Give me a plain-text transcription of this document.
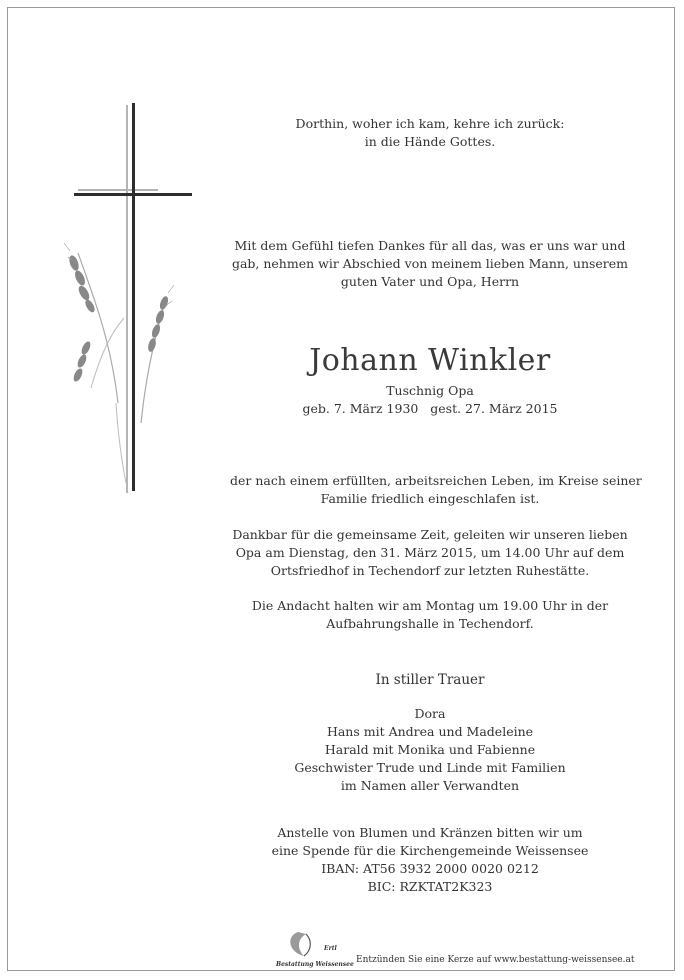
Dorthin, woher ich kam, kehre ich zurück:
in die Hände Gottes.
Mit dem Gefühl tiefen Dankes für all das, was er uns war und
gab, nehmen wir Abschied von meinem lieben Mann, unserem
guten Vater und Opa, Herrn
Johann Winkler
Tuschnig Opa
geb. 7. März 1930   gest. 27. März 2015
der nach einem erfüllten, arbeitsreichen Leben, im Kreise seiner
Familie friedlich eingeschlafen ist.
Dankbar für die gemeinsame Zeit, geleiten wir unseren lieben
Opa am Dienstag, den 31. März 2015, um 14.00 Uhr auf dem
Ortsfriedhof in Techendorf zur letzten Ruhestätte.
Die Andacht halten wir am Montag um 19.00 Uhr in der
Aufbahrungshalle in Techendorf.
In stiller Trauer
Dora
Hans mit Andrea und Madeleine
Harald mit Monika und Fabienne
Geschwister Trude und Linde mit Familien
im Namen aller Verwandten
Anstelle von Blumen und Kränzen bitten wir um
eine Spende für die Kirchengemeinde Weissensee
IBAN: AT56 3932 2000 0020 0212
BIC: RZKTAT2K323
Ertl
Bestattung Weissensee Entzünden Sie eine Kerze auf www.bestattung-weissensee.at
